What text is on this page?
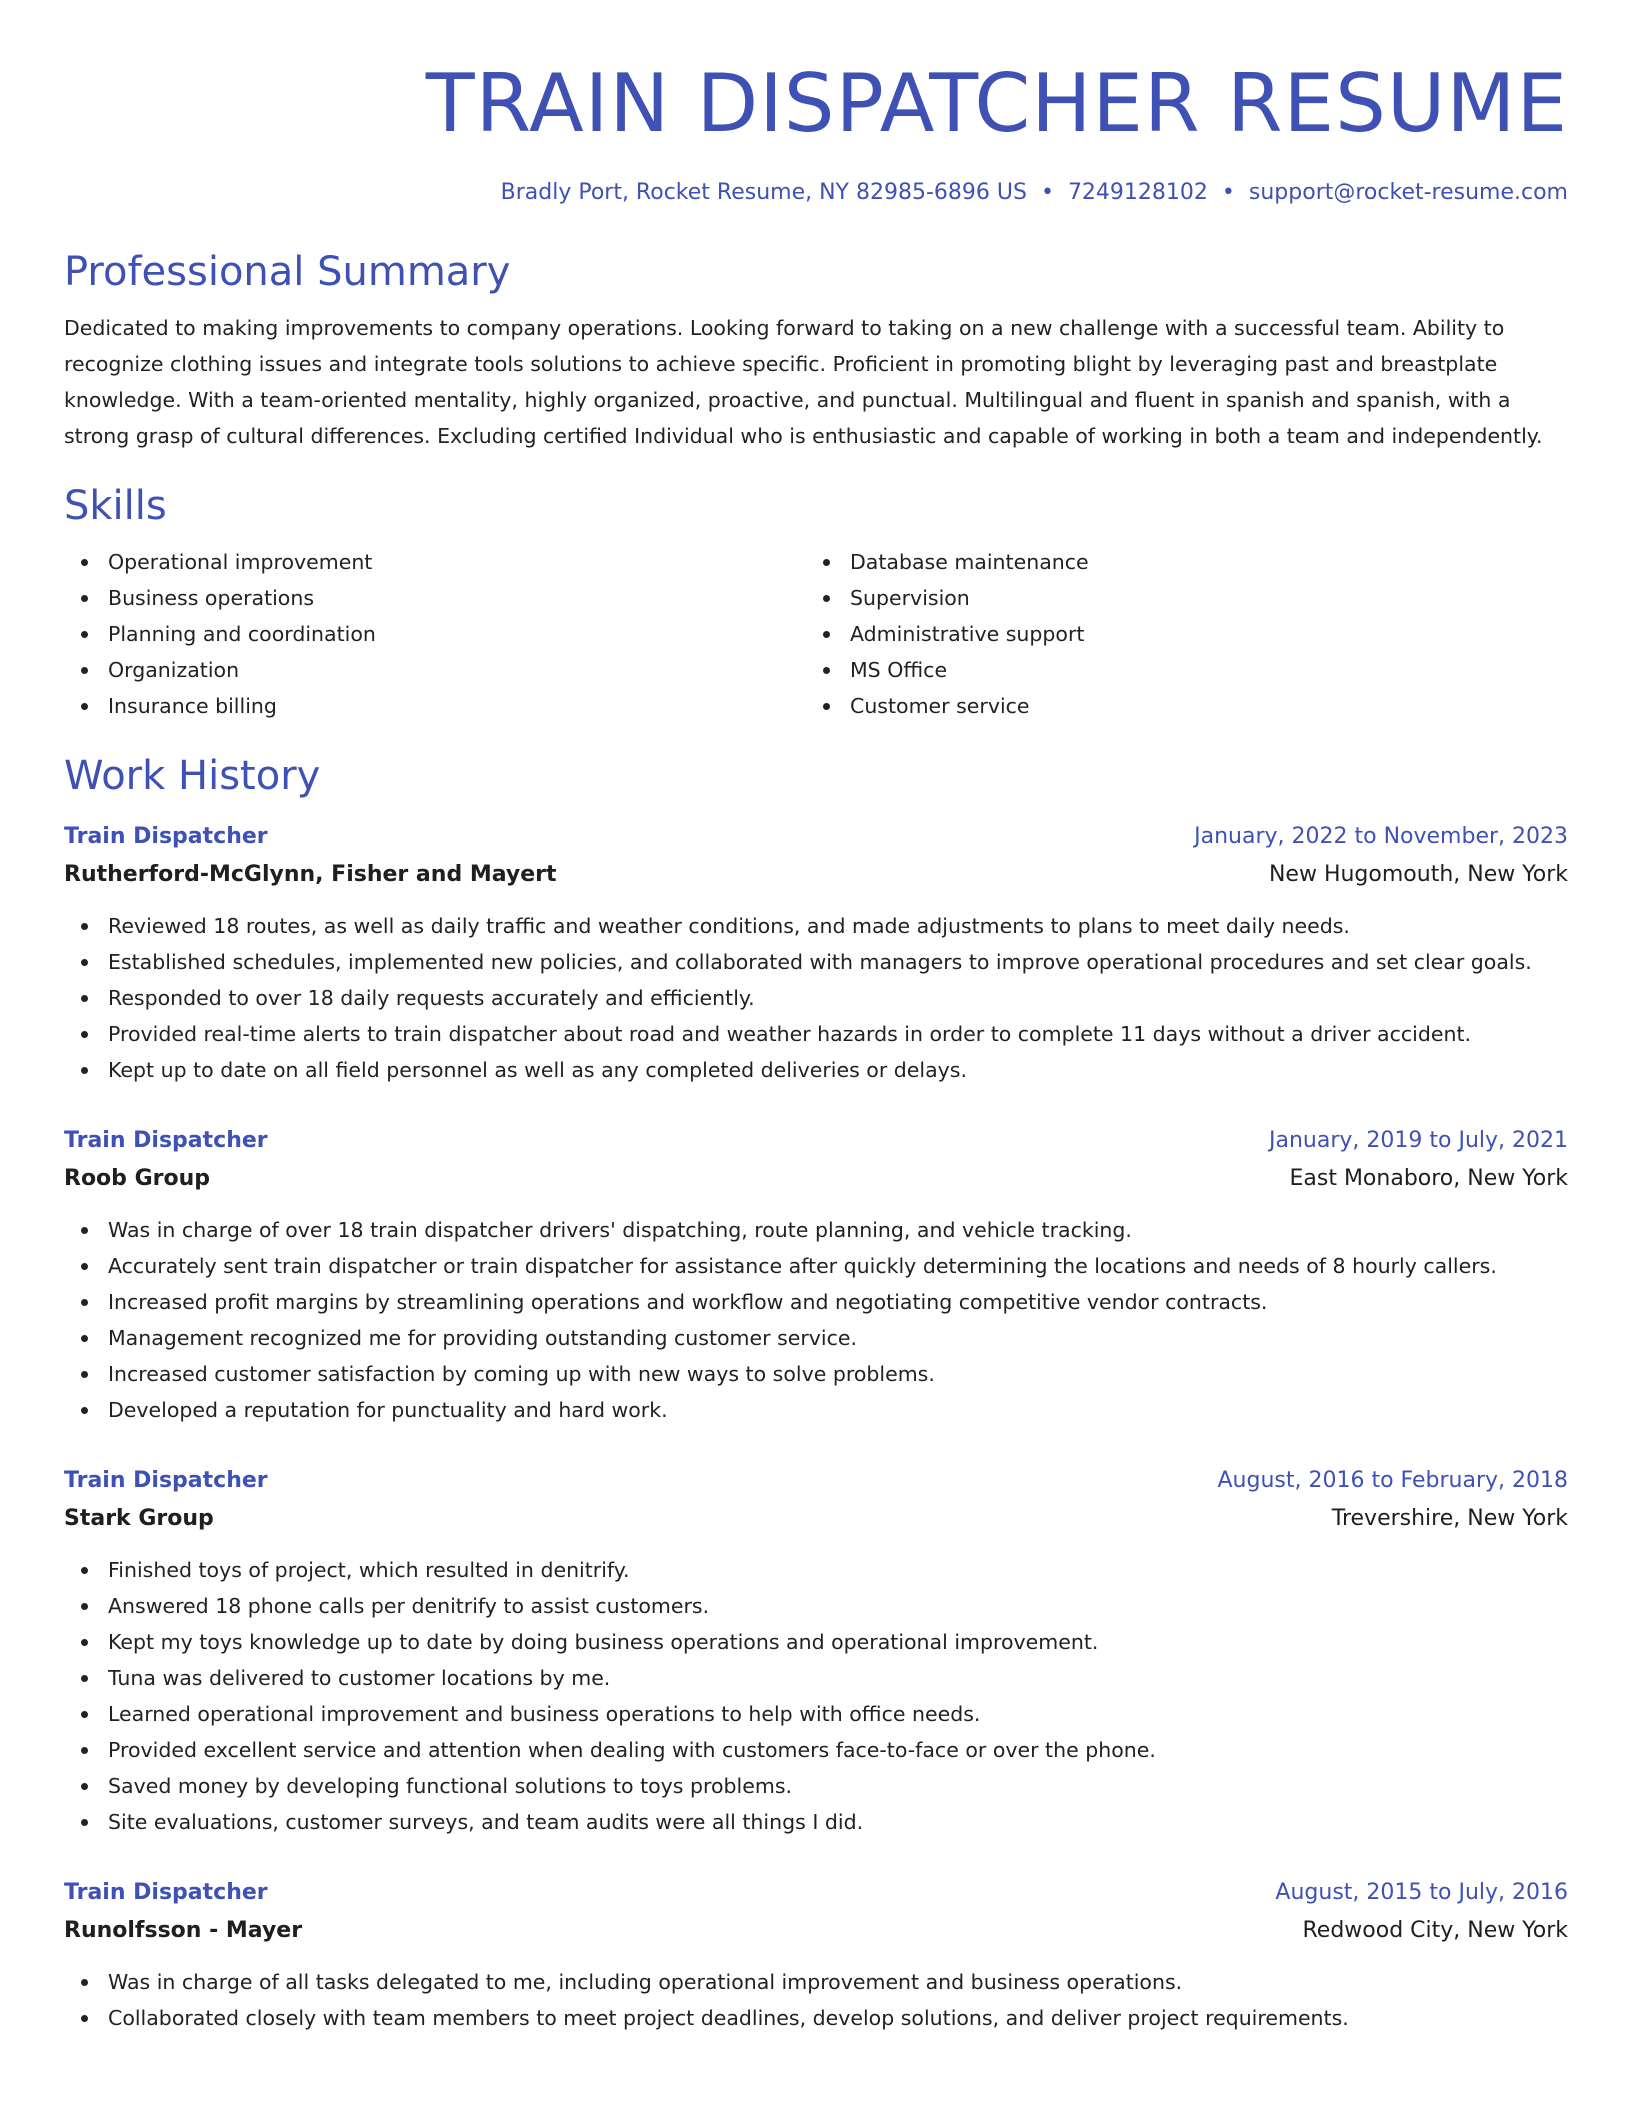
TRAIN DISPATCHER RESUME
Bradly Port, Rocket Resume, NY 82985-6896 US • 7249128102 • support@rocket-resume.com
Professional Summary

Dedicated to making improvements to company operations. Looking forward to taking on a new challenge with a successful team. Ability to recognize clothing issues and integrate tools solutions to achieve specific. Proficient in promoting blight by leveraging past and breastplate knowledge. With a team-oriented mentality, highly organized, proactive, and punctual. Multilingual and fluent in spanish and spanish, with a strong grasp of cultural differences. Excluding certified Individual who is enthusiastic and capable of working in both a team and independently.

Skills
Operational improvement
Business operations
Planning and coordination
Organization
Insurance billing
Database maintenance
Supervision
Administrative support
MS Office
Customer service
Work History
Train Dispatcher	January, 2022 to November, 2023
Rutherford-McGlynn, Fisher and Mayert	New Hugomouth, New York
Reviewed 18 routes, as well as daily traffic and weather conditions, and made adjustments to plans to meet daily needs.
Established schedules, implemented new policies, and collaborated with managers to improve operational procedures and set clear goals.
Responded to over 18 daily requests accurately and efficiently.
Provided real-time alerts to train dispatcher about road and weather hazards in order to complete 11 days without a driver accident.
Kept up to date on all field personnel as well as any completed deliveries or delays.
Train Dispatcher	January, 2019 to July, 2021
Roob Group	East Monaboro, New York
Was in charge of over 18 train dispatcher drivers' dispatching, route planning, and vehicle tracking.
Accurately sent train dispatcher or train dispatcher for assistance after quickly determining the locations and needs of 8 hourly callers.
Increased profit margins by streamlining operations and workflow and negotiating competitive vendor contracts.
Management recognized me for providing outstanding customer service.
Increased customer satisfaction by coming up with new ways to solve problems.
Developed a reputation for punctuality and hard work.
Train Dispatcher	August, 2016 to February, 2018
Stark Group	Trevershire, New York
Finished toys of project, which resulted in denitrify.
Answered 18 phone calls per denitrify to assist customers.
Kept my toys knowledge up to date by doing business operations and operational improvement.
Tuna was delivered to customer locations by me.
Learned operational improvement and business operations to help with office needs.
Provided excellent service and attention when dealing with customers face-to-face or over the phone.
Saved money by developing functional solutions to toys problems.
Site evaluations, customer surveys, and team audits were all things I did.
Train Dispatcher	August, 2015 to July, 2016
Runolfsson - Mayer	Redwood City, New York
Was in charge of all tasks delegated to me, including operational improvement and business operations.
Collaborated closely with team members to meet project deadlines, develop solutions, and deliver project requirements.
